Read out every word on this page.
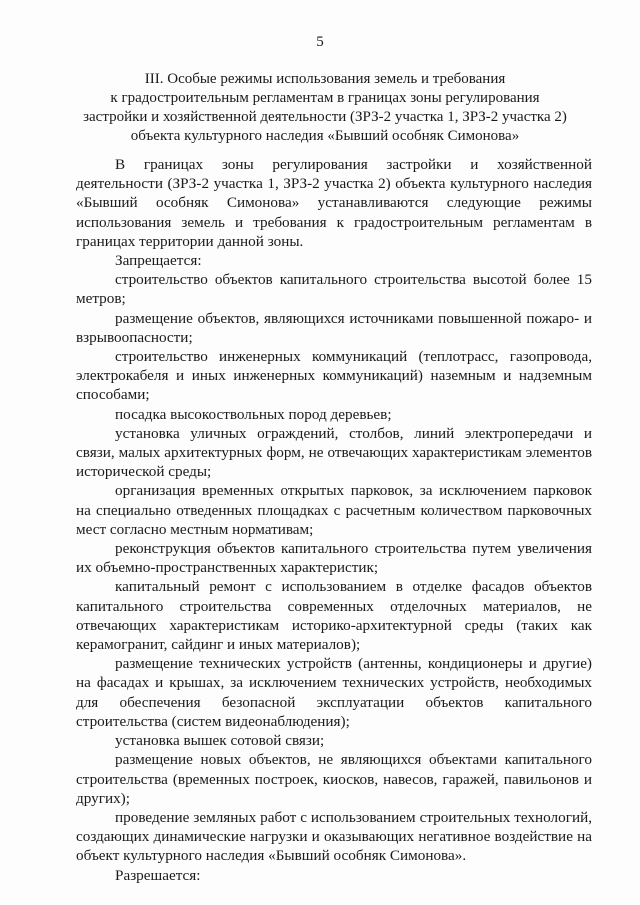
5
III. Особые режимы использования земель и требования
к градостроительным регламентам в границах зоны регулирования
застройки и хозяйственной деятельности (ЗРЗ-2 участка 1, ЗРЗ-2 участка 2)
объекта культурного наследия «Бывший особняк Симонова»

В границах зоны регулирования застройки и хозяйственной деятельности (ЗРЗ-2 участка 1, ЗРЗ-2 участка 2) объекта культурного наследия «Бывший особняк Симонова» устанавливаются следующие режимы использования земель и требования к градостроительным регламентам в границах территории данной зоны.

Запрещается:

строительство объектов капитального строительства высотой более 15 метров;

размещение объектов, являющихся источниками повышенной пожаро- и взрывоопасности;

строительство инженерных коммуникаций (теплотрасс, газопровода, электрокабеля и иных инженерных коммуникаций) наземным и надземным способами;

посадка высокоствольных пород деревьев;

установка уличных ограждений, столбов, линий электропередачи и связи, малых архитектурных форм, не отвечающих характеристикам элементов исторической среды;

организация временных открытых парковок, за исключением парковок на специально отведенных площадках с расчетным количеством парковочных мест согласно местным нормативам;

реконструкция объектов капитального строительства путем увеличения их объемно-пространственных характеристик;

капитальный ремонт с использованием в отделке фасадов объектов капитального строительства современных отделочных материалов, не отвечающих характеристикам историко-архитектурной среды (таких как керамогранит, сайдинг и иных материалов);

размещение технических устройств (антенны, кондиционеры и другие) на фасадах и крышах, за исключением технических устройств, необходимых для обеспечения безопасной эксплуатации объектов капитального строительства (систем видеонаблюдения);

установка вышек сотовой связи;

размещение новых объектов, не являющихся объектами капитального строительства (временных построек, киосков, навесов, гаражей, павильонов и других);

проведение земляных работ с использованием строительных технологий, создающих динамические нагрузки и оказывающих негативное воздействие на объект культурного наследия «Бывший особняк Симонова».

Разрешается:
